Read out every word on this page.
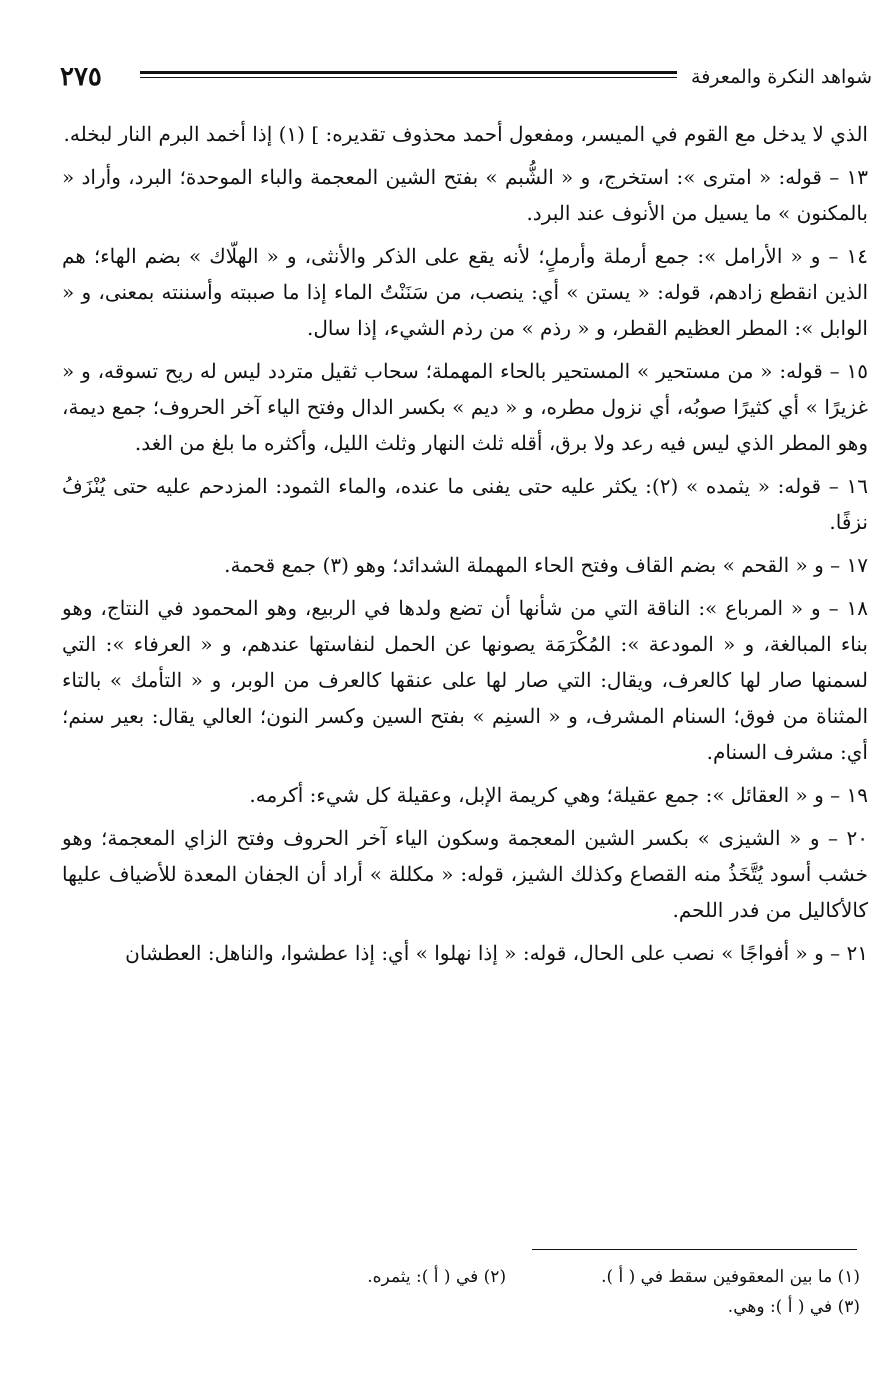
٢٧٥	شواهد النكرة والمعرفة

الذي لا يدخل مع القوم في الميسر، ومفعول أحمد محذوف تقديره: ] (١) إذا أخمد البرم النار لبخله.

١٣ – قوله: « امترى »: استخرج، و « الشُّبم » بفتح الشين المعجمة والباء الموحدة؛ البرد، وأراد « بالمكنون » ما يسيل من الأنوف عند البرد.

١٤ – و « الأرامل »: جمع أرملة وأرملٍ؛ لأنه يقع على الذكر والأنثى، و « الهلّاك » بضم الهاء؛ هم الذين انقطع زادهم، قوله: « يستن » أي: ينصب، من سَنَنْتُ الماء إذا ما صببته وأسننته بمعنى، و « الوابل »: المطر العظيم القطر، و « رذم » من رذم الشيء، إذا سال.

١٥ – قوله: « من مستحير » المستحير بالحاء المهملة؛ سحاب ثقيل متردد ليس له ريح تسوقه، و « غزيرًا » أي كثيرًا صوبُه، أي نزول مطره، و « ديم » بكسر الدال وفتح الياء آخر الحروف؛ جمع ديمة، وهو المطر الذي ليس فيه رعد ولا برق، أقله ثلث النهار وثلث الليل، وأكثره ما بلغ من الغد.

١٦ – قوله: « يثمده » (٢): يكثر عليه حتى يفنى ما عنده، والماء الثمود: المزدحم عليه حتى يُنْزَفُ نزفًا.

١٧ – و « القحم » بضم القاف وفتح الحاء المهملة الشدائد؛ وهو (٣) جمع قحمة.

١٨ – و « المرباع »: الناقة التي من شأنها أن تضع ولدها في الربيع، وهو المحمود في النتاج، وهو بناء المبالغة، و « المودعة »: المُكْرَمَة يصونها عن الحمل لنفاستها عندهم، و « العرفاء »: التي لسمنها صار لها كالعرف، ويقال: التي صار لها على عنقها كالعرف من الوبر، و « التأمك » بالتاء المثناة من فوق؛ السنام المشرف، و « السنِم » بفتح السين وكسر النون؛ العالي يقال: بعير سنم؛ أي: مشرف السنام.

١٩ – و « العقائل »: جمع عقيلة؛ وهي كريمة الإبل، وعقيلة كل شيء: أكرمه.

٢٠ – و « الشيزى » بكسر الشين المعجمة وسكون الياء آخر الحروف وفتح الزاي المعجمة؛ وهو خشب أسود يُتَّخَذُ منه القصاع وكذلك الشيز، قوله: « مكللة » أراد أن الجفان المعدة للأضياف عليها كالأكاليل من فدر اللحم.

٢١ – و « أفواجًا » نصب على الحال، قوله: « إذا نهلوا » أي: إذا عطشوا، والناهل: العطشان

(١) ما بين المعقوفين سقط في ( أ ).
(٢) في ( أ ): يثمره.
(٣) في ( أ ): وهي.
